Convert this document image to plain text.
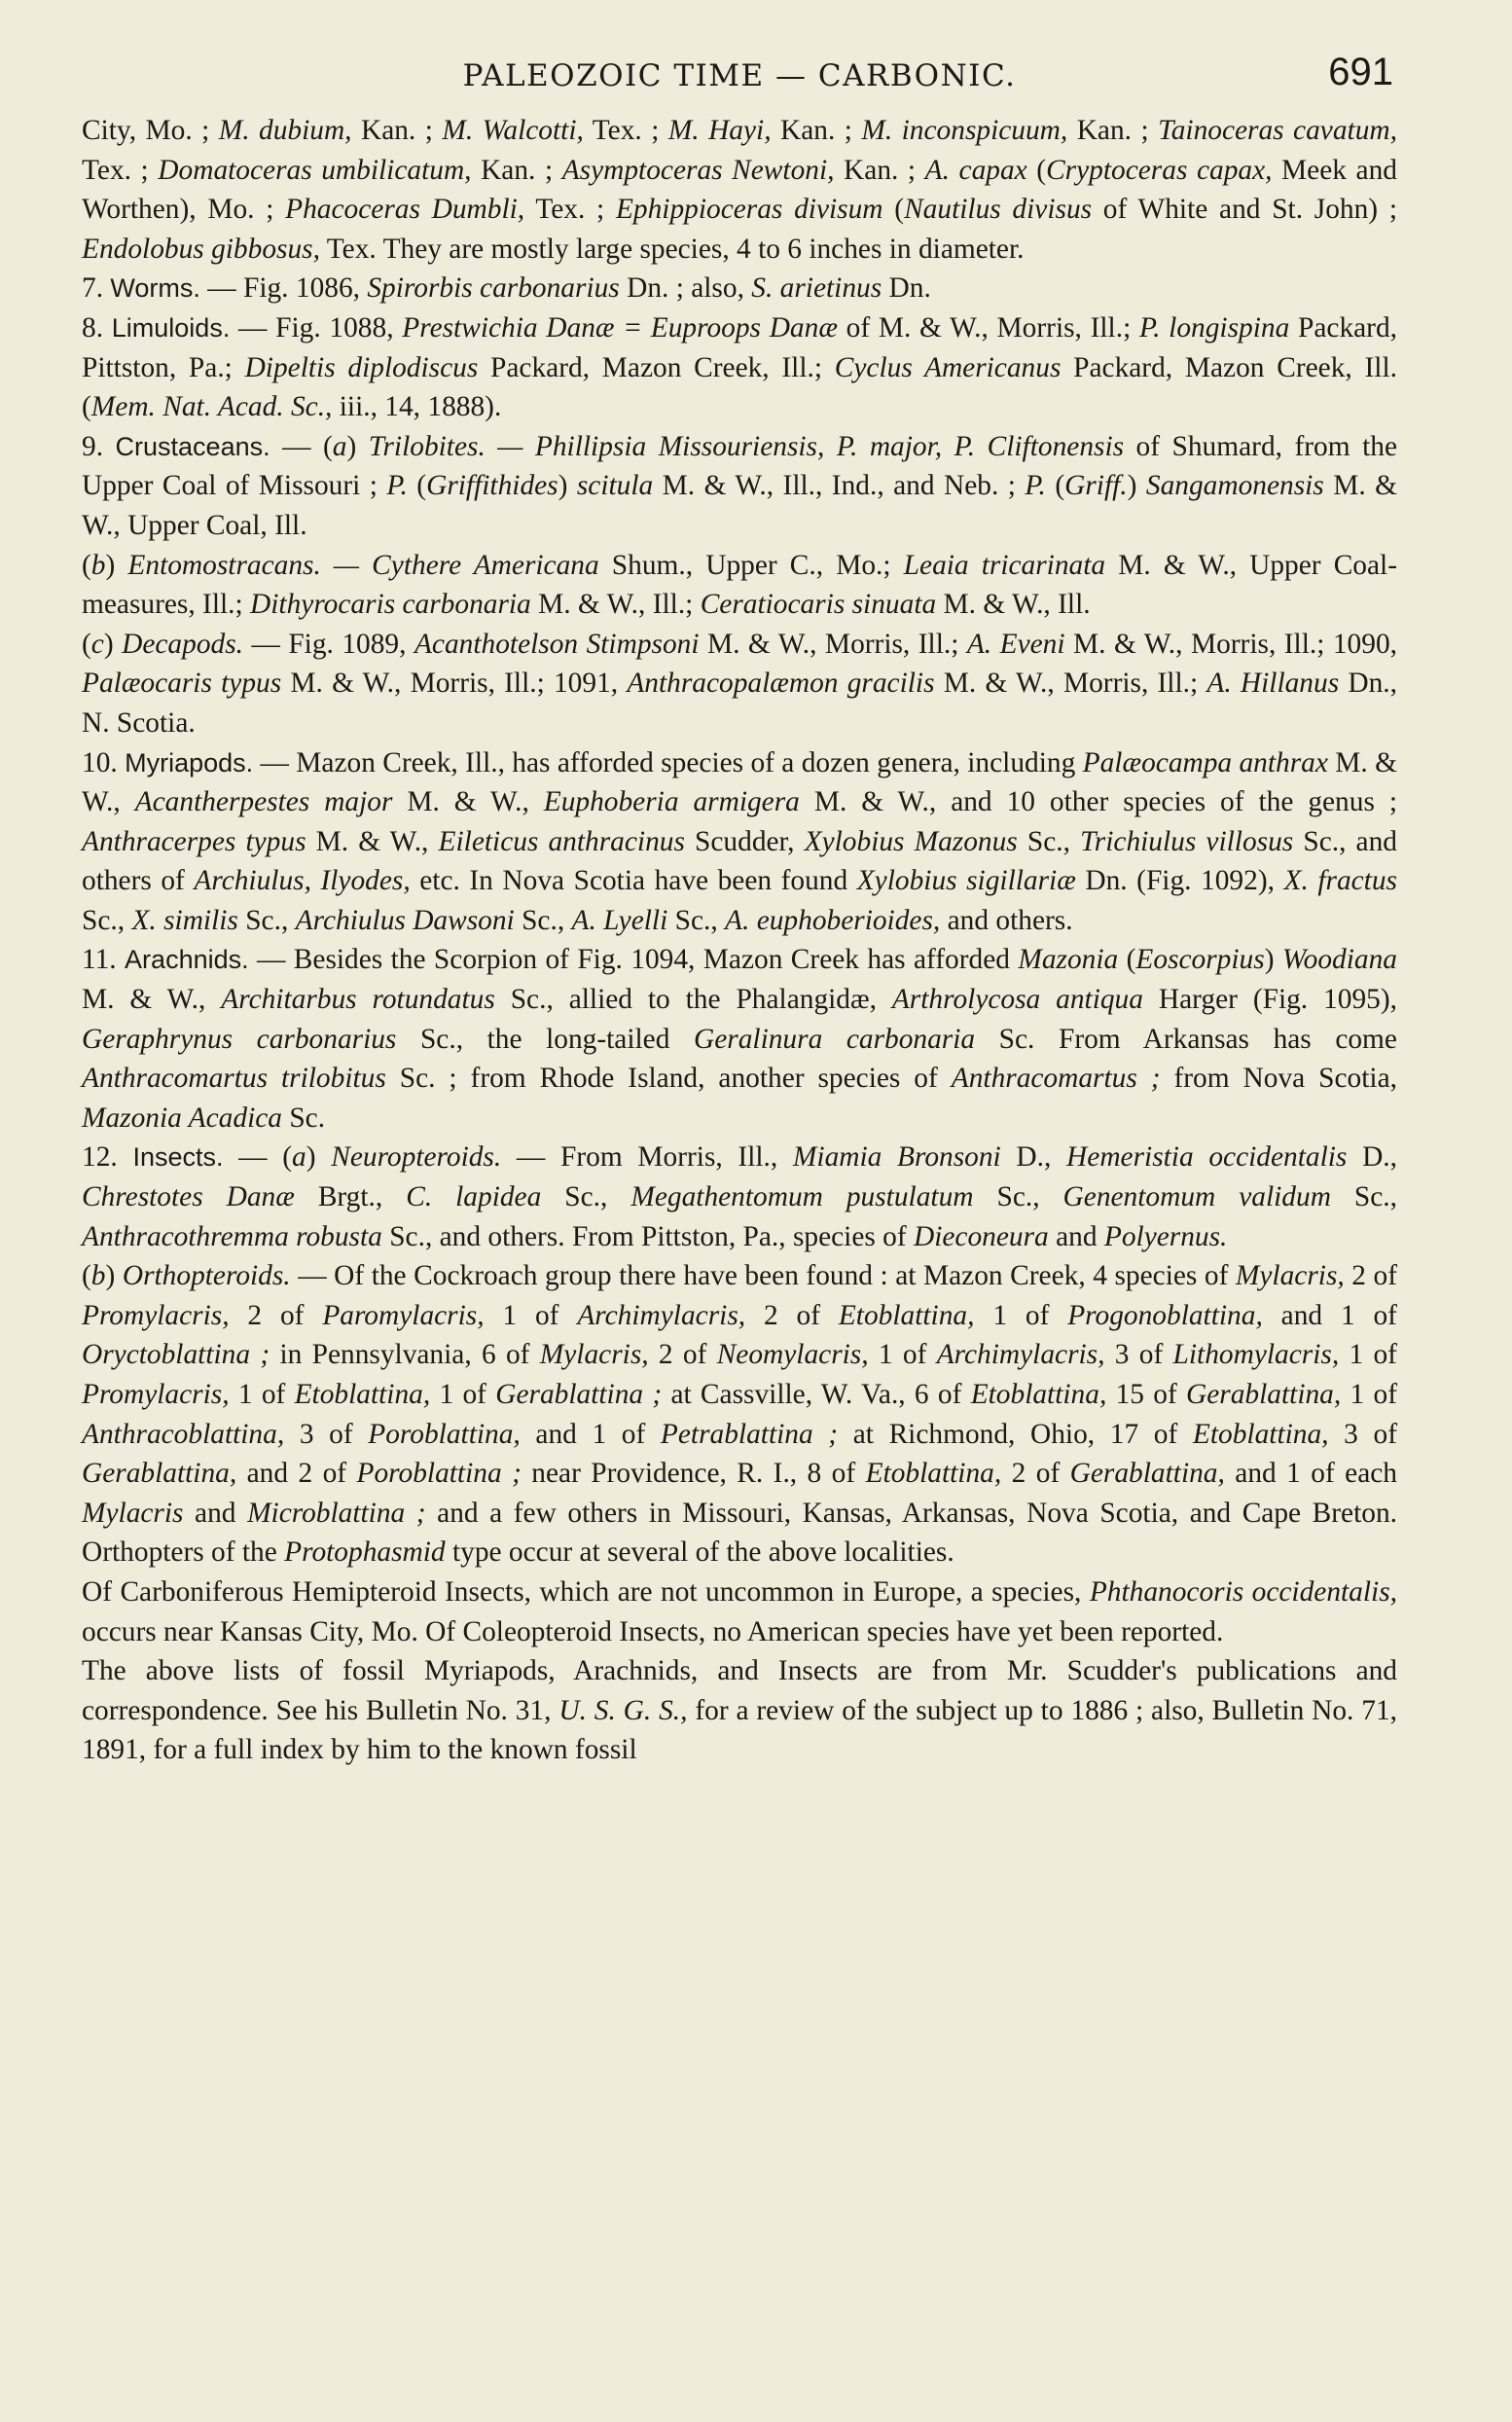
PALEOZOIC TIME — CARBONIC.	691

City, Mo. ; M. dubium, Kan. ; M. Walcotti, Tex. ; M. Hayi, Kan. ; M. inconspicuum, Kan. ; Tainoceras cavatum, Tex. ; Domatoceras umbilicatum, Kan. ; Asymptoceras Newtoni, Kan. ; A. capax (Cryptoceras capax, Meek and Worthen), Mo. ; Phacoceras Dumbli, Tex. ; Ephippioceras divisum (Nautilus divisus of White and St. John) ; Endolobus gibbosus, Tex. They are mostly large species, 4 to 6 inches in diameter.

7. Worms. — Fig. 1086, Spirorbis carbonarius Dn. ; also, S. arietinus Dn.

8. Limuloids. — Fig. 1088, Prestwichia Danæ = Euproops Danæ of M. & W., Morris, Ill.; P. longispina Packard, Pittston, Pa.; Dipeltis diplodiscus Packard, Mazon Creek, Ill.; Cyclus Americanus Packard, Mazon Creek, Ill. (Mem. Nat. Acad. Sc., iii., 14, 1888).

9. Crustaceans. — (a) Trilobites. — Phillipsia Missouriensis, P. major, P. Cliftonensis of Shumard, from the Upper Coal of Missouri ; P. (Griffithides) scitula M. & W., Ill., Ind., and Neb. ; P. (Griff.) Sangamonensis M. & W., Upper Coal, Ill.

(b) Entomostracans. — Cythere Americana Shum., Upper C., Mo.; Leaia tricarinata M. & W., Upper Coal-measures, Ill.; Dithyrocaris carbonaria M. & W., Ill.; Ceratiocaris sinuata M. & W., Ill.

(c) Decapods. — Fig. 1089, Acanthotelson Stimpsoni M. & W., Morris, Ill.; A. Eveni M. & W., Morris, Ill.; 1090, Palæocaris typus M. & W., Morris, Ill.; 1091, Anthracopalæmon gracilis M. & W., Morris, Ill.; A. Hillanus Dn., N. Scotia.

10. Myriapods. — Mazon Creek, Ill., has afforded species of a dozen genera, including Palæocampa anthrax M. & W., Acantherpestes major M. & W., Euphoberia armigera M. & W., and 10 other species of the genus ; Anthracerpes typus M. & W., Eileticus anthracinus Scudder, Xylobius Mazonus Sc., Trichiulus villosus Sc., and others of Archiulus, Ilyodes, etc. In Nova Scotia have been found Xylobius sigillariæ Dn. (Fig. 1092), X. fractus Sc., X. similis Sc., Archiulus Dawsoni Sc., A. Lyelli Sc., A. euphoberioides, and others.

11. Arachnids. — Besides the Scorpion of Fig. 1094, Mazon Creek has afforded Mazonia (Eoscorpius) Woodiana M. & W., Architarbus rotundatus Sc., allied to the Phalangidæ, Arthrolycosa antiqua Harger (Fig. 1095), Geraphrynus carbonarius Sc., the long-tailed Geralinura carbonaria Sc. From Arkansas has come Anthracomartus trilobitus Sc. ; from Rhode Island, another species of Anthracomartus ; from Nova Scotia, Mazonia Acadica Sc.

12. Insects. — (a) Neuropteroids. — From Morris, Ill., Miamia Bronsoni D., Hemeristia occidentalis D., Chrestotes Danæ Brgt., C. lapidea Sc., Megathentomum pustulatum Sc., Genentomum validum Sc., Anthracothremma robusta Sc., and others. From Pittston, Pa., species of Dieconeura and Polyernus.

(b) Orthopteroids. — Of the Cockroach group there have been found : at Mazon Creek, 4 species of Mylacris, 2 of Promylacris, 2 of Paromylacris, 1 of Archimylacris, 2 of Etoblattina, 1 of Progonoblattina, and 1 of Oryctoblattina ; in Pennsylvania, 6 of Mylacris, 2 of Neomylacris, 1 of Archimylacris, 3 of Lithomylacris, 1 of Promylacris, 1 of Etoblattina, 1 of Gerablattina ; at Cassville, W. Va., 6 of Etoblattina, 15 of Gerablattina, 1 of Anthracoblattina, 3 of Poroblattina, and 1 of Petrablattina ; at Richmond, Ohio, 17 of Etoblattina, 3 of Gerablattina, and 2 of Poroblattina ; near Providence, R. I., 8 of Etoblattina, 2 of Gerablattina, and 1 of each Mylacris and Microblattina ; and a few others in Missouri, Kansas, Arkansas, Nova Scotia, and Cape Breton. Orthopters of the Protophasmid type occur at several of the above localities.

Of Carboniferous Hemipteroid Insects, which are not uncommon in Europe, a species, Phthanocoris occidentalis, occurs near Kansas City, Mo. Of Coleopteroid Insects, no American species have yet been reported.

The above lists of fossil Myriapods, Arachnids, and Insects are from Mr. Scudder's publications and correspondence. See his Bulletin No. 31, U. S. G. S., for a review of the subject up to 1886 ; also, Bulletin No. 71, 1891, for a full index by him to the known fossil
